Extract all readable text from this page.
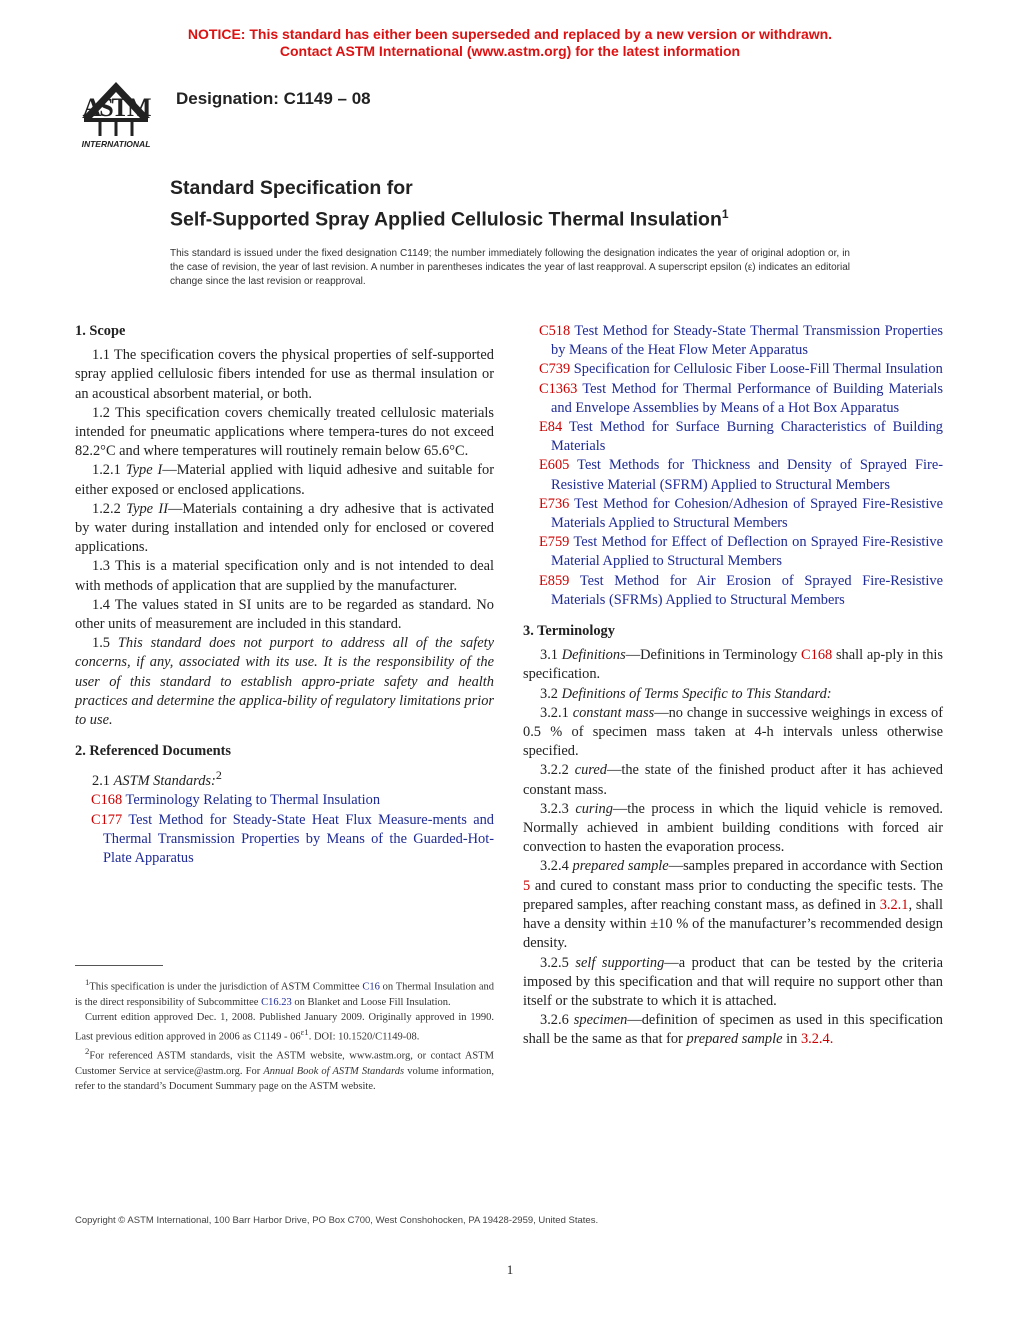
NOTICE: This standard has either been superseded and replaced by a new version or withdrawn.
Contact ASTM International (www.astm.org) for the latest information
ASTM
INTERNATIONAL
Designation: C1149 – 08
Standard Specification for
Self-Supported Spray Applied Cellulosic Thermal Insulation$^1$
This standard is issued under the fixed designation C1149; the number immediately following the designation indicates the year of original adoption or, in the case of revision, the year of last revision. A number in parentheses indicates the year of last reapproval. A superscript epsilon (ε) indicates an editorial change since the last revision or reapproval.

1. Scope

1.1 The specification covers the physical properties of self-supported spray applied cellulosic fibers intended for use as thermal insulation or an acoustical absorbent material, or both.

1.2 This specification covers chemically treated cellulosic materials intended for pneumatic applications where tempera-tures do not exceed 82.2°C and where temperatures will routinely remain below 65.6°C.

1.2.1 Type I—Material applied with liquid adhesive and suitable for either exposed or enclosed applications.

1.2.2 Type II—Materials containing a dry adhesive that is activated by water during installation and intended only for enclosed or covered applications.

1.3 This is a material specification only and is not intended to deal with methods of application that are supplied by the manufacturer.

1.4 The values stated in SI units are to be regarded as standard. No other units of measurement are included in this standard.

1.5 This standard does not purport to address all of the safety concerns, if any, associated with its use. It is the responsibility of the user of this standard to establish appro-priate safety and health practices and determine the applica-bility of regulatory limitations prior to use.

2. Referenced Documents

2.1 ASTM Standards:$^2$

C168 Terminology Relating to Thermal Insulation

C177 Test Method for Steady-State Heat Flux Measure-ments and Thermal Transmission Properties by Means of the Guarded-Hot-Plate Apparatus

C518 Test Method for Steady-State Thermal Transmission Properties by Means of the Heat Flow Meter Apparatus

C739 Specification for Cellulosic Fiber Loose-Fill Thermal Insulation

C1363 Test Method for Thermal Performance of Building Materials and Envelope Assemblies by Means of a Hot Box Apparatus

E84 Test Method for Surface Burning Characteristics of Building Materials

E605 Test Methods for Thickness and Density of Sprayed Fire-Resistive Material (SFRM) Applied to Structural Members

E736 Test Method for Cohesion/Adhesion of Sprayed Fire-Resistive Materials Applied to Structural Members

E759 Test Method for Effect of Deflection on Sprayed Fire-Resistive Material Applied to Structural Members

E859 Test Method for Air Erosion of Sprayed Fire-Resistive Materials (SFRMs) Applied to Structural Members

3. Terminology

3.1 Definitions—Definitions in Terminology C168 shall ap-ply in this specification.

3.2 Definitions of Terms Specific to This Standard:

3.2.1 constant mass—no change in successive weighings in excess of 0.5 % of specimen mass taken at 4-h intervals unless otherwise specified.

3.2.2 cured—the state of the finished product after it has achieved constant mass.

3.2.3 curing—the process in which the liquid vehicle is removed. Normally achieved in ambient building conditions with forced air convection to hasten the evaporation process.

3.2.4 prepared sample—samples prepared in accordance with Section 5 and cured to constant mass prior to conducting the specific tests. The prepared samples, after reaching constant mass, as defined in 3.2.1, shall have a density within ±10 % of the manufacturer’s recommended design density.

3.2.5 self supporting—a product that can be tested by the criteria imposed by this specification and that will require no support other than itself or the substrate to which it is attached.

3.2.6 specimen—definition of specimen as used in this specification shall be the same as that for prepared sample in 3.2.4.

$^1$This specification is under the jurisdiction of ASTM Committee C16 on Thermal Insulation and is the direct responsibility of Subcommittee C16.23 on Blanket and Loose Fill Insulation.

Current edition approved Dec. 1, 2008. Published January 2009. Originally approved in 1990. Last previous edition approved in 2006 as $C1149 - 06^{\varepsilon 1}$. DOI: 10.1520/C1149-08.

$^2$For referenced ASTM standards, visit the ASTM website, www.astm.org, or contact ASTM Customer Service at service@astm.org. For Annual Book of ASTM Standards volume information, refer to the standard’s Document Summary page on the ASTM website.

Copyright © ASTM International, 100 Barr Harbor Drive, PO Box C700, West Conshohocken, PA 19428-2959, United States.
1
